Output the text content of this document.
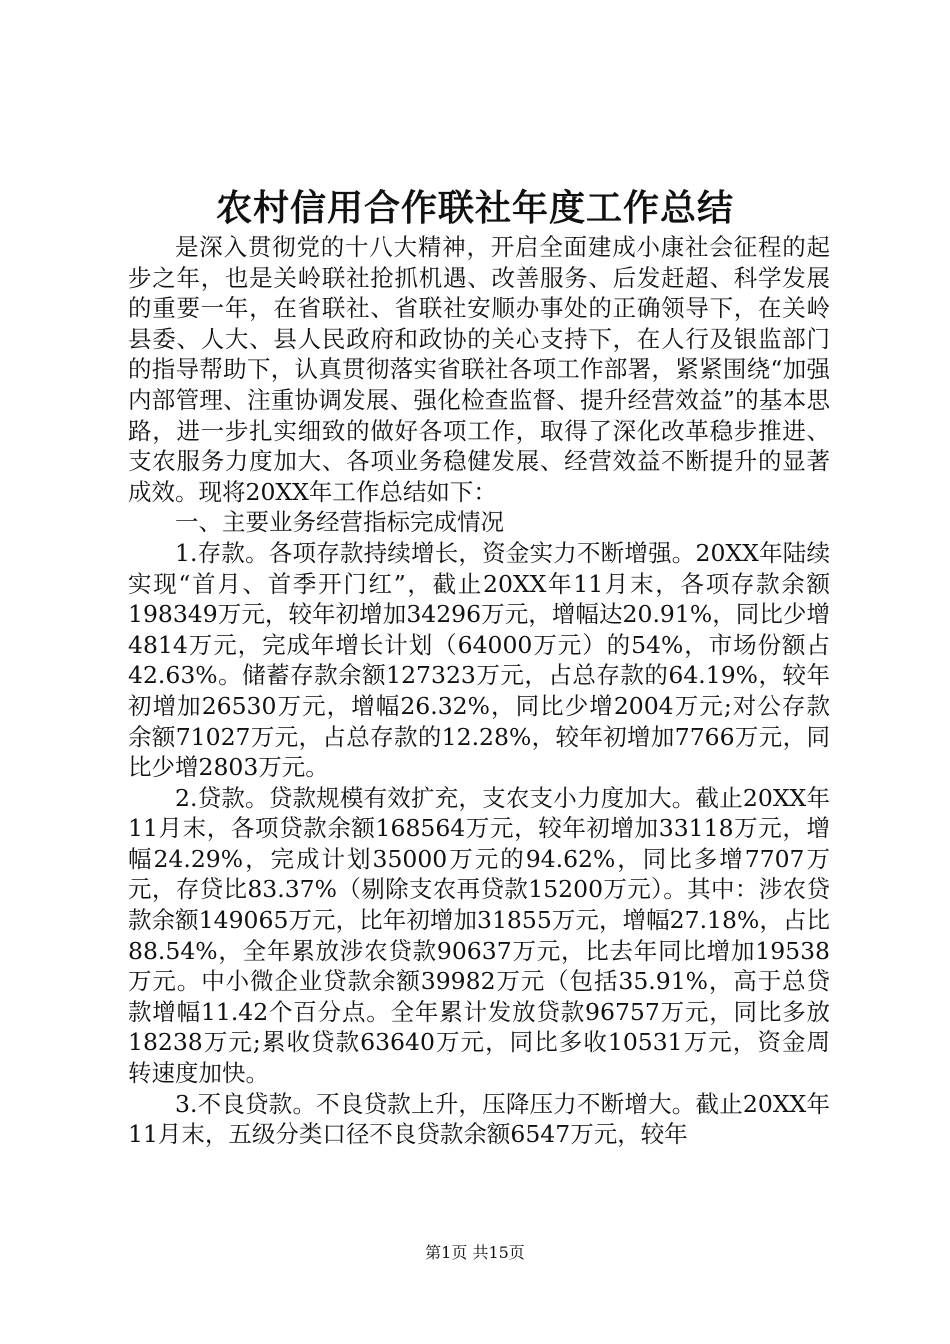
农村信用合作联社年度工作总结

是深入贯彻党的十八大精神，开启全面建成小康社会征程的起步之年，也是关岭联社抢抓机遇、改善服务、后发赶超、科学发展的重要一年，在省联社、省联社安顺办事处的正确领导下，在关岭县委、人大、县人民政府和政协的关心支持下，在人行及银监部门的指导帮助下，认真贯彻落实省联社各项工作部署，紧紧围绕“加强内部管理、注重协调发展、强化检查监督、提升经营效益”的基本思路，进一步扎实细致的做好各项工作，取得了深化改革稳步推进、支农服务力度加大、各项业务稳健发展、经营效益不断提升的显著成效。现将20XX年工作总结如下：

一、主要业务经营指标完成情况

1.存款。各项存款持续增长，资金实力不断增强。20XX年陆续实现“首月、首季开门红”，截止20XX年11月末，各项存款余额198349万元，较年初增加34296万元，增幅达20.91%，同比少增4814万元，完成年增长计划（64000万元）的54%，市场份额占42.63%。储蓄存款余额127323万元，占总存款的64.19%，较年初增加26530万元，增幅26.32%，同比少增2004万元;对公存款余额71027万元，占总存款的12.28%，较年初增加7766万元，同比少增2803万元。

2.贷款。贷款规模有效扩充，支农支小力度加大。截止20XX年11月末，各项贷款余额168564万元，较年初增加33118万元，增幅24.29%，完成计划35000万元的94.62%，同比多增7707万元，存贷比83.37%（剔除支农再贷款15200万元）。其中：涉农贷款余额149065万元，比年初增加31855万元，增幅27.18%，占比88.54%，全年累放涉农贷款90637万元，比去年同比增加19538万元。中小微企业贷款余额39982万元（包括35.91%，高于总贷款增幅11.42个百分点。全年累计发放贷款96757万元，同比多放18238万元;累收贷款63640万元，同比多收10531万元，资金周转速度加快。

3.不良贷款。不良贷款上升，压降压力不断增大。截止20XX年11月末，五级分类口径不良贷款余额6547万元，较年

第1页 共15页
